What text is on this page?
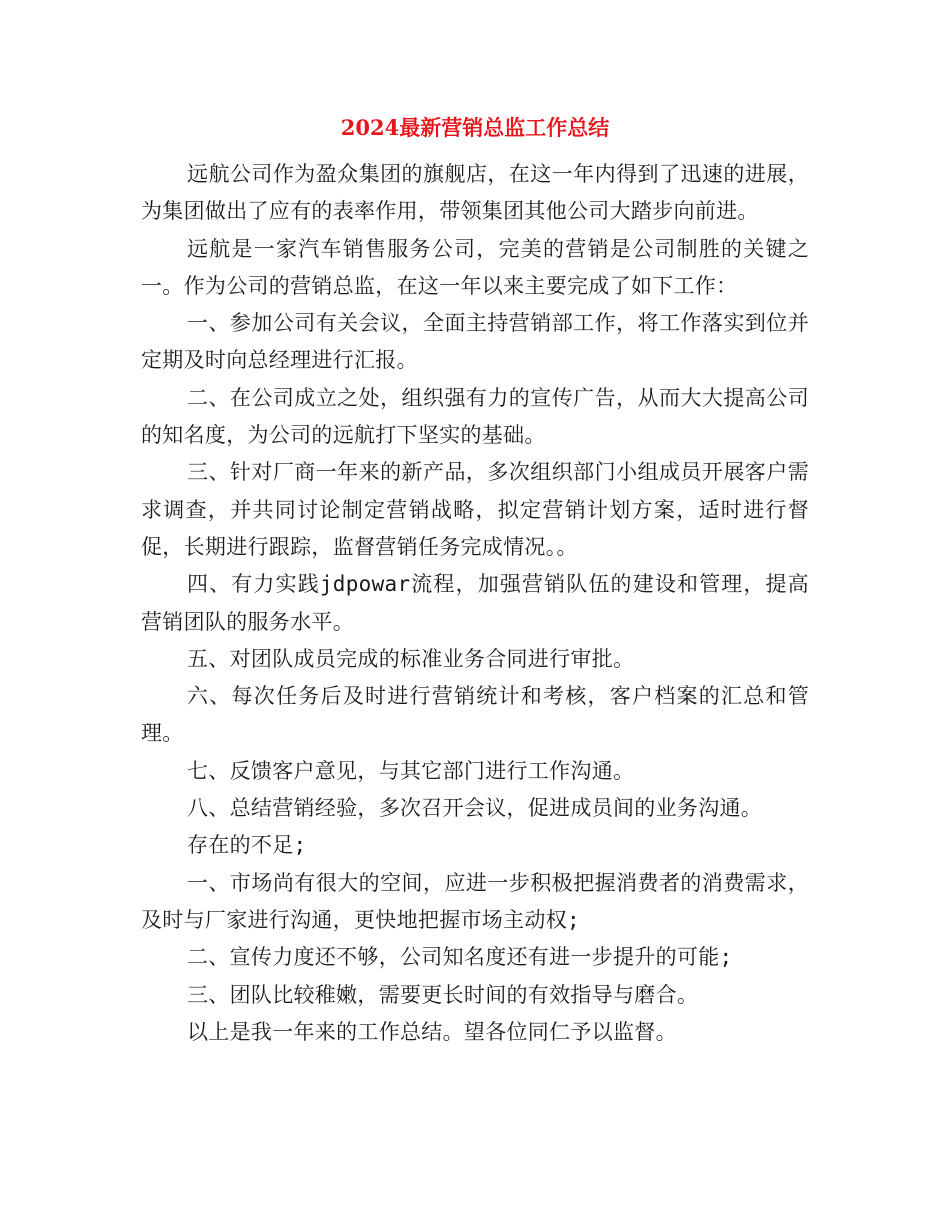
2024最新营销总监工作总结

远航公司作为盈众集团的旗舰店，在这一年内得到了迅速的进展，为集团做出了应有的表率作用，带领集团其他公司大踏步向前进。

远航是一家汽车销售服务公司，完美的营销是公司制胜的关键之一。作为公司的营销总监，在这一年以来主要完成了如下工作：

一、参加公司有关会议，全面主持营销部工作，将工作落实到位并定期及时向总经理进行汇报。

二、在公司成立之处，组织强有力的宣传广告，从而大大提高公司的知名度，为公司的远航打下坚实的基础。

三、针对厂商一年来的新产品，多次组织部门小组成员开展客户需求调查，并共同讨论制定营销战略，拟定营销计划方案，适时进行督促，长期进行跟踪，监督营销任务完成情况。。

四、有力实践jdpowar流程，加强营销队伍的建设和管理，提高营销团队的服务水平。

五、对团队成员完成的标准业务合同进行审批。

六、每次任务后及时进行营销统计和考核，客户档案的汇总和管理。

七、反馈客户意见，与其它部门进行工作沟通。

八、总结营销经验，多次召开会议，促进成员间的业务沟通。

存在的不足;

一、市场尚有很大的空间，应进一步积极把握消费者的消费需求，及时与厂家进行沟通，更快地把握市场主动权;

二、宣传力度还不够，公司知名度还有进一步提升的可能;

三、团队比较稚嫩，需要更长时间的有效指导与磨合。

以上是我一年来的工作总结。望各位同仁予以监督。
